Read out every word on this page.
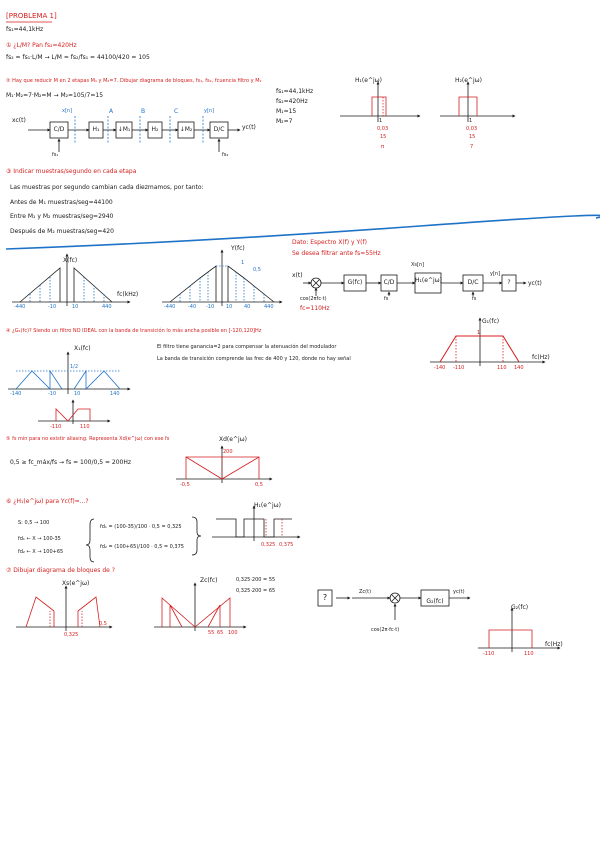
[PROBLEMA 1]
fs₁=44,1kHz
① ¿L/M? Pan fs₂=420Hz
fs₂ = fs₁·L/M → L/M = fs₂/fs₁ = 44100/420 = 105
② Hay que reducir M en 2 etapas M₁ y M₂=7. Dibujar diagrama de bloques, fs₁, fs₂, fcuencia filtro y M₁
M₁·M₂=7·M₂=M → M₂=105/7=15
fs₁=44,1kHz
fs₂=420Hz
M₁=15
M₂=7
xc(t)
yc(t)
x[n]	A	B	C	y[n]
fs₁	fs₂
C/D	H₁	↓M₁	H₂	↓M₂	D/C
H₁(e^jω)	H₂(e^jω)
1
0,03
15
π
1
0,03
15
7
③ Indicar muestras/segundo en cada etapa
Las muestras por segundo cambian cada diezmamos, por tanto:
Antes de M₁ muestras/seg=44100
Entre M₁ y M₂ muestras/seg=2940
Después de M₂ muestras/seg=420
X(fc)
fc(kHz)
-440	-10	10	440
Y(fc)
1
0,5
-440	-40 -10 10 40	440
Dato: Espectro X(f) y Y(f)
Se desea filtrar ante fs=55Hz
fc=110Hz
x(t)
yc(t)
cos(2πfc·t)
Xs[n]
y[n]
fs	fs
G(fc)	C/D	H₁(e^jω)	D/C	?
G₁(fc)
fc(Hz)
1
-140 -110	110 140
④ ¿G₁(fc)? Siendo un filtro NO IDEAL con la banda de transición lo más ancha posible en [-120,120]Hz
El filtro tiene ganancia=2 para compensar la atenuación del modulador
La banda de transición comprende las frec de 400 y 120, donde no hay señal
X₁(fc)
1/2
-140	-10	10	140
-110	110
⑤ fs mín para no existir aliasing. Representa Xd(e^jω) con ese fs
0,5 ≥ fc_máx/fs → fs = 100/0,5 = 200Hz
Xd(e^jω)
200
-0,5	0,5
⑥ ¿H₁(e^jω) para Yc(f)=...?
S: 0,5 → 100
fd₁ ← X → 100-35
fd₂ ← X → 100+65
fd₁ = (100-35)/100 · 0,5 = 0,325
fd₂ = (100+65)/100 · 0,5 = 0,375
H₁(e^jω)
0,325 0,375
⑦ Dibujar diagrama de bloques de ?
Xs(e^jω)
0,325
0,5
Zc(fc)
55 65 100
0,325·200 = 55
0,325·200 = 65
?
Zc(t)	yc(t)
G₂(fc)
cos(2π·fc·t)
G₂(fc)
fc(Hz)
-110	110
